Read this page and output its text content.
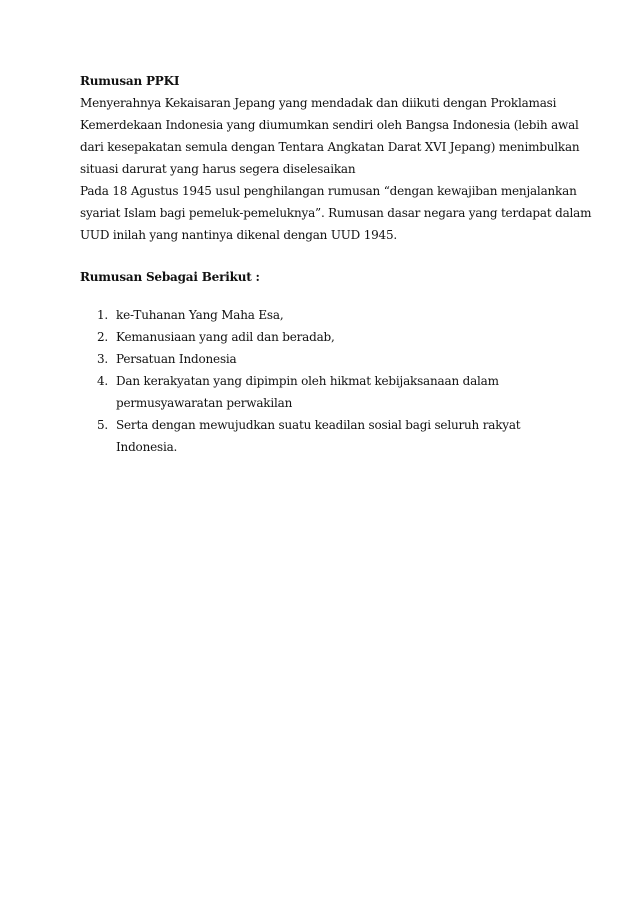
Rumusan PPKI

Menyerahnya Kekaisaran Jepang yang mendadak dan diikuti dengan Proklamasi

Kemerdekaan Indonesia yang diumumkan sendiri oleh Bangsa Indonesia (lebih awal

dari kesepakatan semula dengan Tentara Angkatan Darat XVI Jepang) menimbulkan

situasi darurat yang harus segera diselesaikan

Pada 18 Agustus 1945 usul penghilangan rumusan “dengan kewajiban menjalankan

syariat Islam bagi pemeluk-pemeluknya”. Rumusan dasar negara yang terdapat dalam

UUD inilah yang nantinya dikenal dengan UUD 1945.

Rumusan Sebagai Berikut :

1. ke-Tuhanan Yang Maha Esa,
2. Kemanusiaan yang adil dan beradab,
3. Persatuan Indonesia
4. Dan kerakyatan yang dipimpin oleh hikmat kebijaksanaan dalam permusyawaratan perwakilan
5. Serta dengan mewujudkan suatu keadilan sosial bagi seluruh rakyat Indonesia.
